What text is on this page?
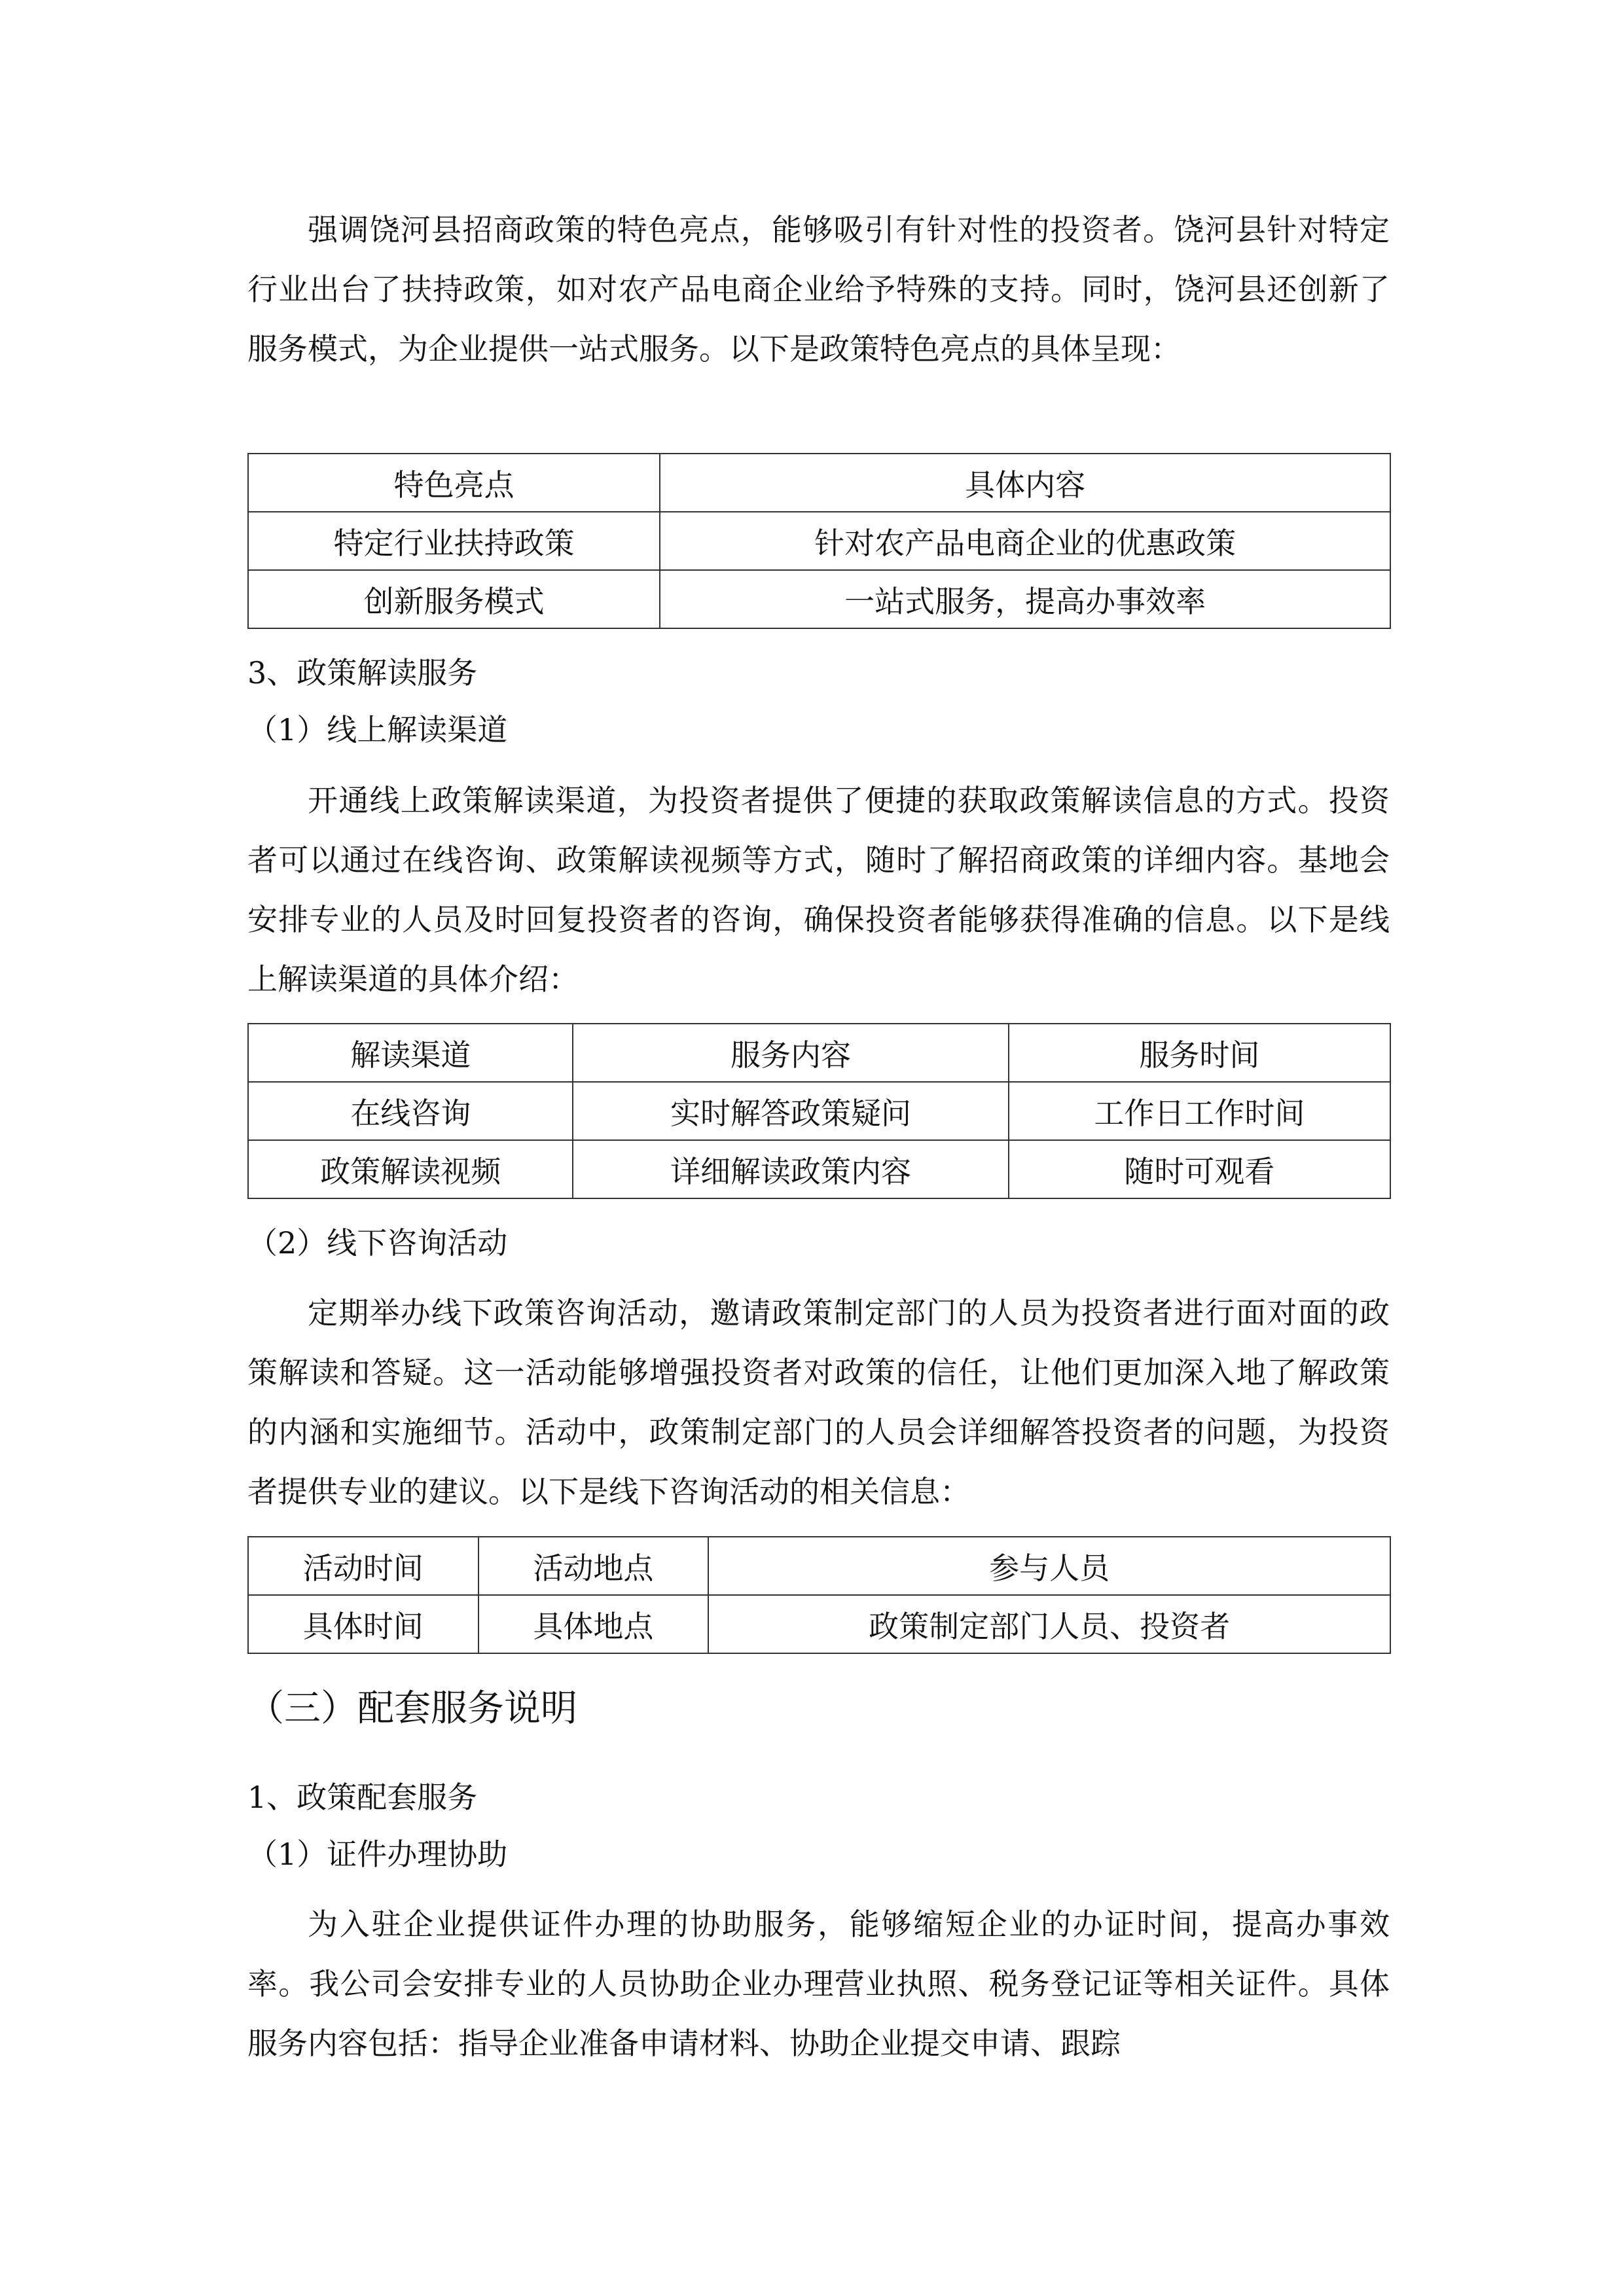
强调饶河县招商政策的特色亮点，能够吸引有针对性的投资者。饶河县针对特定行业出台了扶持政策，如对农产品电商企业给予特殊的支持。同时，饶河县还创新了服务模式，为企业提供一站式服务。以下是政策特色亮点的具体呈现：

特色亮点	具体内容
特定行业扶持政策	针对农产品电商企业的优惠政策
创新服务模式	一站式服务，提高办事效率

3、政策解读服务

（1）线上解读渠道

开通线上政策解读渠道，为投资者提供了便捷的获取政策解读信息的方式。投资者可以通过在线咨询、政策解读视频等方式，随时了解招商政策的详细内容。基地会安排专业的人员及时回复投资者的咨询，确保投资者能够获得准确的信息。以下是线上解读渠道的具体介绍：

解读渠道	服务内容	服务时间
在线咨询	实时解答政策疑问	工作日工作时间
政策解读视频	详细解读政策内容	随时可观看

（2）线下咨询活动

定期举办线下政策咨询活动，邀请政策制定部门的人员为投资者进行面对面的政策解读和答疑。这一活动能够增强投资者对政策的信任，让他们更加深入地了解政策的内涵和实施细节。活动中，政策制定部门的人员会详细解答投资者的问题，为投资者提供专业的建议。以下是线下咨询活动的相关信息：

活动时间	活动地点	参与人员
具体时间	具体地点	政策制定部门人员、投资者

（三）配套服务说明

1、政策配套服务

（1）证件办理协助

为入驻企业提供证件办理的协助服务，能够缩短企业的办证时间，提高办事效率。我公司会安排专业的人员协助企业办理营业执照、税务登记证等相关证件。具体服务内容包括：指导企业准备申请材料、协助企业提交申请、跟踪
